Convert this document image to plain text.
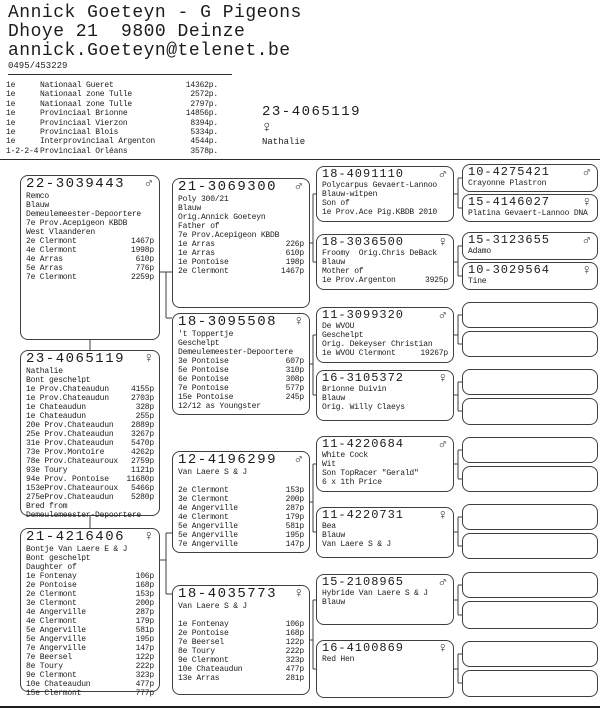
Annick Goeteyn - G Pigeons
Dhoye 21  9800 Deinze
annick.Goeteyn@telenet.be
0495/453229
1e	Nationaal Gueret	14362p.
1e	Nationaal zone Tulle	2572p.
1e	Nationaal zone Tulle	2797p.
1e	Provinciaal Brionne	14856p.
1e	Provinciaal Vierzon	8394p.
1e	Provinciaal Blois	5334p.
1e	Interprovinciaal Argenton	4544p.
1-2-2-4 Provinciaal Orléans	3578p.
23-4065119
♀
Nathalie
22-3039443	♂
Remco
Blauw
Demeulemeester-Depoortere
7e Prov.Acepigeon KBDB
West Vlaanderen
2e Clermont	1467p
4e Clermont	1998p
4e Arras	610p
5e Arras	776p
7e Clermont	2259p
23-4065119	♀
Nathalie
Bont geschelpt
1e Prov.Chateaudun	4155p
1e Prov.Chateaudun	2703p
1e Chateaudun	328p
1e Chateaudun	255p
20e Prov.Chateaudun 2889p
25e Prov.Chateaudun 3267p
31e Prov.Chateaudun 5470p
73e Prov.Montoire	4262p
78e Prov.Chateauroux 2759p
93e Toury	1121p
94e Prov. Pontoise 11680p
153eProv.Chateauroux 5466p
275eProv.Chateaudun 5280p
Bred from
Demeulemeester-Depoortere
21-4216406	♀
Bontje Van Laere E & J
Bont geschelpt
Daughter of
1e Fontenay	106p
2e Pontoise	168p
2e Clermont	153p
3e Clermont	200p
4e Angerville	287p
4e Clermont	179p
5e Angerville	581p
5e Angerville	195p
7e Angerville	147p
7e Beersel	122p
8e Toury	222p
9e Clermont	323p
10e Chateaudun	477p
15e Clermont	777p
21-3069300	♂
Poly 300/21
Blauw
Orig.Annick Goeteyn
Father of
7e Prov.Acepigeon KBDB
1e Arras	226p
1e Arras	610p
1e Pontoise	198p
2e Clermont	1467p
18-3095508	♀
't Toppertje
Geschelpt
Demeulemeester-Depoortere
3e Pontoise	607p
5e Pontoise	310p
6e Pontoise	308p
7e Pontoise	577p
15e Pontoise	245p
12/12 as Youngster
12-4196299	♂
Van Laere S & J
2e Clermont	153p
3e Clermont	200p
4e Angerville	287p
4e Clermont	179p
5e Angerville	581p
5e Angerville	195p
7e Angerville	147p
18-4035773	♀
Van Laere S & J
1e Fontenay	106p
2e Pontoise	168p
7e Beersel	122p
8e Toury	222p
9e Clermont	323p
10e Chateaudun	477p
13e Arras	281p
18-4091110	♂
Polycarpus Gevaert-Lannoo
Blauw-witpen
Son of
1e Prov.Ace Pig.KBDB 2010
18-3036500	♀
Froomy  Orig.Chris DeBack
Blauw
Mother of
1e Prov.Argenton	3925p
11-3099320	♂
De WVOU
Geschelpt
Orig. Dekeyser Christian
1e WVOU Clermont	19267p
16-3105372	♀
Brionne Duivin
Blauw
Orig. Willy Claeys
11-4220684	♂
White Cock
Wit
Son TopRacer "Gerald"
6 x 1th Price
11-4220731	♀
Bea
Blauw
Van Laere S & J
15-2108965	♂
Hybride Van Laere S & J
Blauw
16-4100869	♀
Red Hen
10-4275421	♂
Crayonne Plastron
15-4146027	♀
Platina Gevaert-Lannoo DNA
15-3123655	♂
Adamo
10-3029564	♀
Tine
